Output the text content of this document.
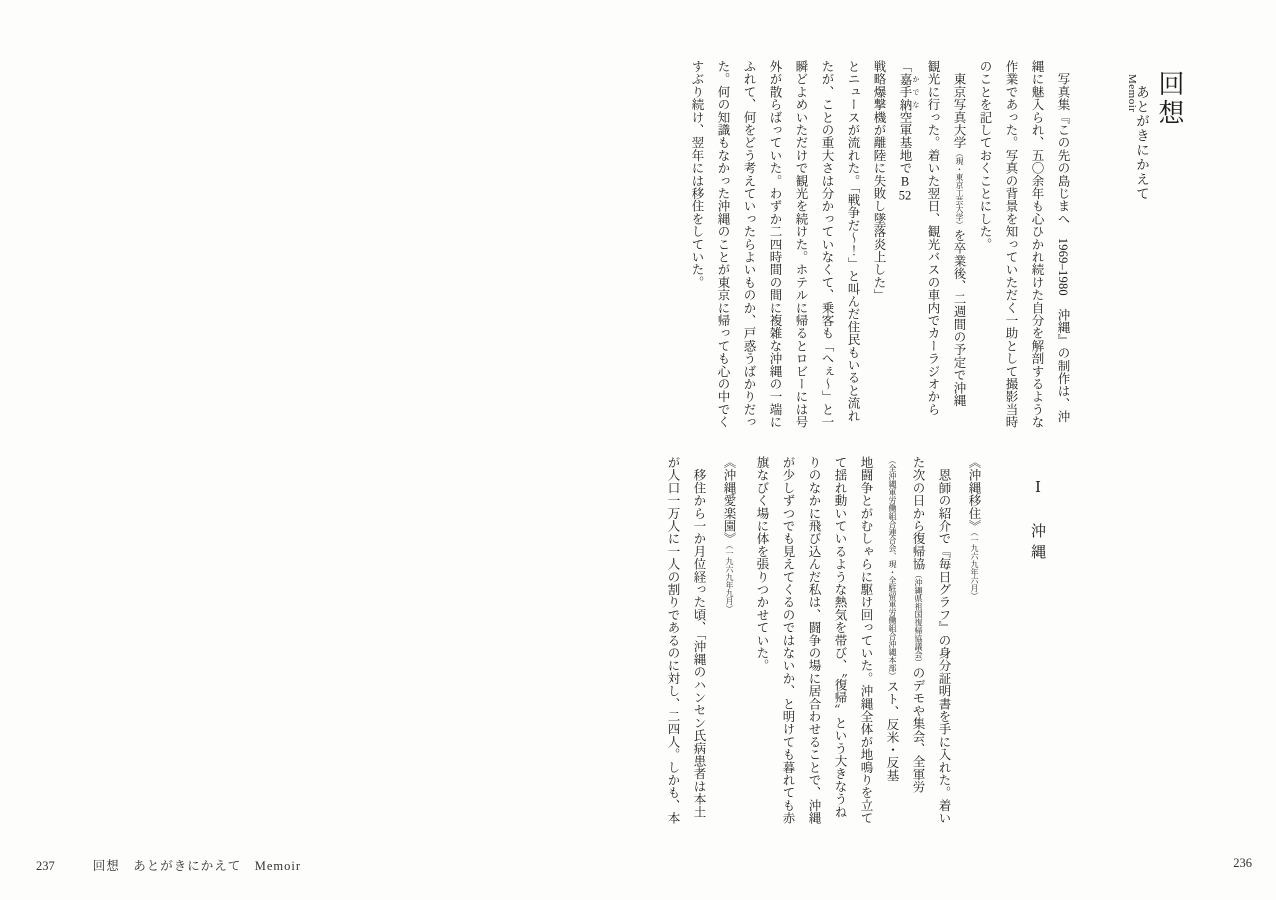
回想
あとがきにかえて
Memoir
　写真集『この先の島じまへ　1969–1980　沖縄』の制作は、沖
縄に魅入られ、五〇余年も心ひかれ続けた自分を解剖するような
作業であった。写真の背景を知っていただく一助として撮影当時
のことを記しておくことにした。
　東京写真大学（現・東京工芸大学）を卒業後、二週間の予定で沖縄
観光に行った。着いた翌日、観光バスの車内でカーラジオから
「嘉手納 かでな空軍基地でB52戦略爆撃機が離陸に失敗し墜落炎上した」
とニュースが流れた。「戦争だ〜！」と叫んだ住民もいると流れ
たが、ことの重大さは分かっていなくて、乗客も「へぇ〜」と一
瞬どよめいただけで観光を続けた。ホテルに帰るとロビーには号
外が散らばっていた。わずか二四時間の間に複雑な沖縄の一端に
ふれて、何をどう考えていったらよいものか、戸惑うばかりだっ
た。何の知識もなかった沖縄のことが東京に帰っても心の中でく
すぶり続け、翌年には移住をしていた。
Ⅰ　沖縄
《沖縄移住》（一九六九年六月）
　恩師の紹介で『毎日グラフ』の身分証明書を手に入れた。着い
た次の日から復帰協（沖縄県祖国復帰協議会）のデモや集会、全軍労
（全沖縄軍労働組合連合会、現・全駐留軍労働組合沖縄本部）スト、反米・反基
地闘争とがむしゃらに駆け回っていた。沖縄全体が地鳴りを立て
て揺れ動いているような熱気を帯び、〝復帰〟という大きなうね
りのなかに飛び込んだ私は、闘争の場に居合わせることで、沖縄
が少しずつでも見えてくるのではないか、と明けても暮れても赤
旗なびく場に体を張りつかせていた。
《沖縄愛楽園》（一九六九年九月）
　移住から一か月位経った頃、「沖縄のハンセン氏病患者は本土
が人口一万人に一人の割りであるのに対し、二四人。しかも、本
236
237	回想　あとがきにかえて　Memoir
